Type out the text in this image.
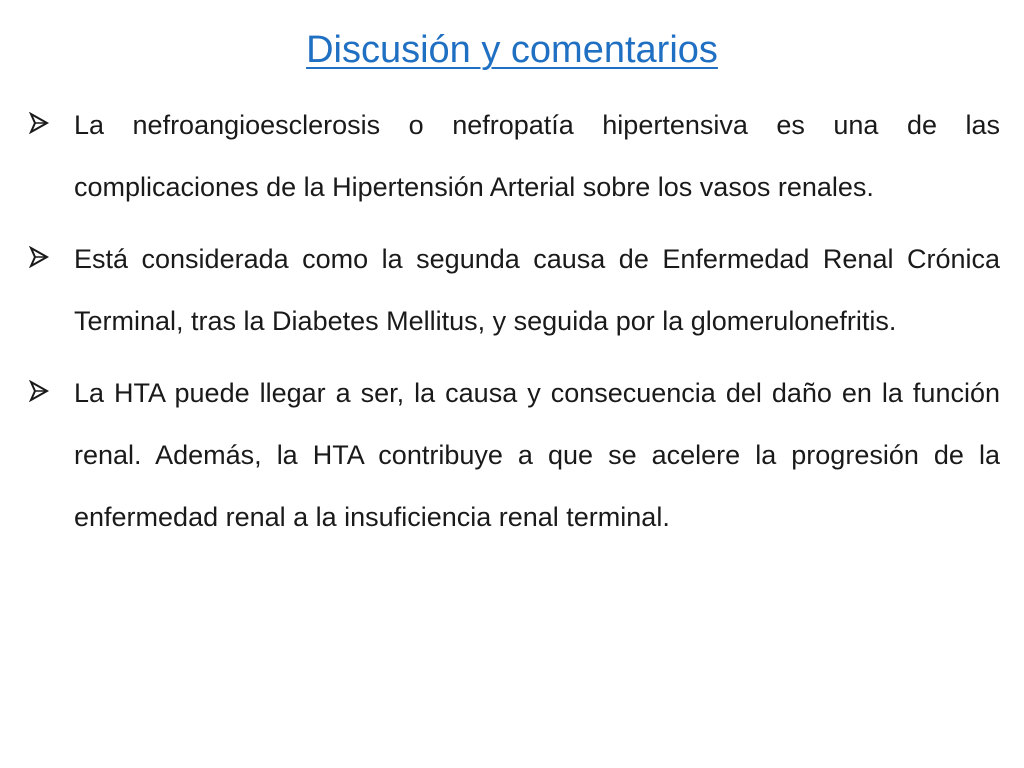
Discusión y comentarios
La nefroangioesclerosis o nefropatía hipertensiva es una de las complicaciones de la Hipertensión Arterial sobre los vasos renales.
Está considerada como la segunda causa de Enfermedad Renal Crónica Terminal, tras la Diabetes Mellitus, y seguida por la glomerulonefritis.
La HTA puede llegar a ser, la causa y consecuencia del daño en la función renal. Además, la HTA contribuye a que se acelere la progresión de la enfermedad renal a la insuficiencia renal terminal.
